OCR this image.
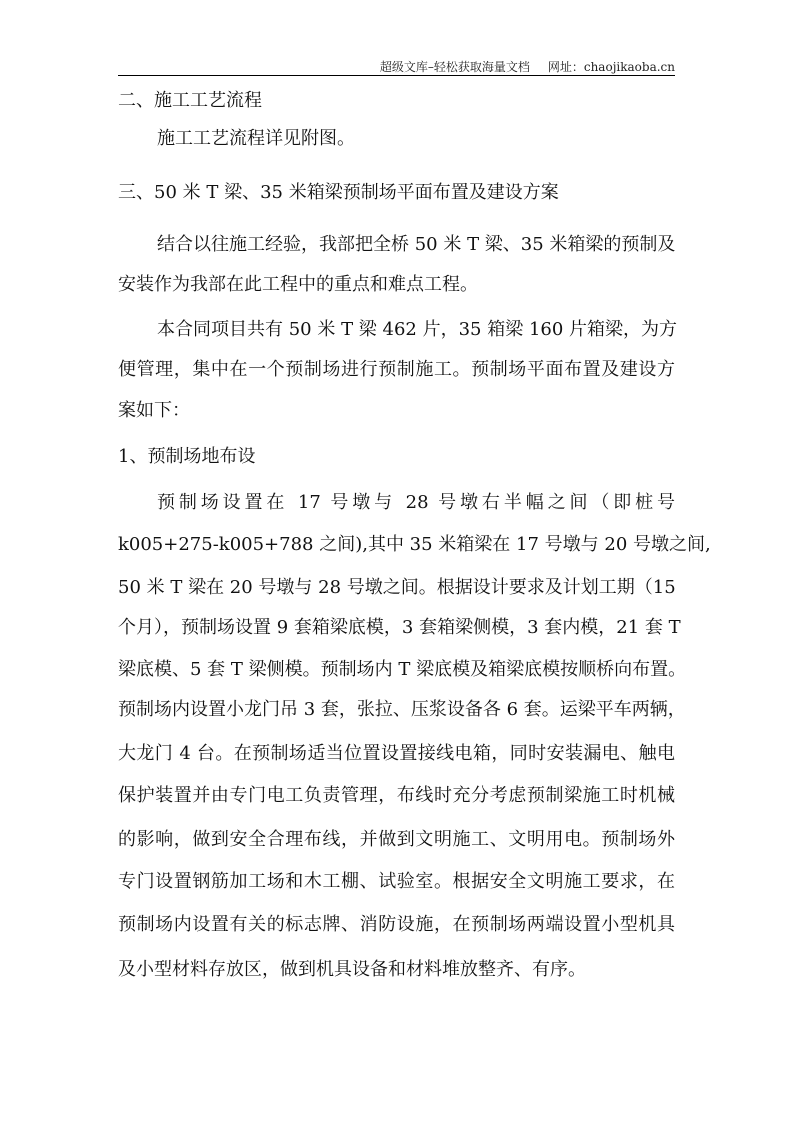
超级文库–轻松获取海量文档 网址：chaojikaoba.cn
二、施工工艺流程
施工工艺流程详见附图。
三、50 米 T 梁、35 米箱梁预制场平面布置及建设方案
结合以往施工经验，我部把全桥 50 米 T 梁、35 米箱梁的预制及
安装作为我部在此工程中的重点和难点工程。
本合同项目共有 50 米 T 梁 462 片，35 箱梁 160 片箱梁，为方
便管理，集中在一个预制场进行预制施工。预制场平面布置及建设方
案如下：
1、预制场地布设
预制场设置在 17 号墩与 28 号墩右半幅之间（即桩号
k005+275-k005+788 之间),其中 35 米箱梁在 17 号墩与 20 号墩之间,
50 米 T 梁在 20 号墩与 28 号墩之间。根据设计要求及计划工期（15
个月），预制场设置 9 套箱梁底模，3 套箱梁侧模，3 套内模，21 套 T
梁底模、5 套 T 梁侧模。预制场内 T 梁底模及箱梁底模按顺桥向布置。
预制场内设置小龙门吊 3 套，张拉、压浆设备各 6 套。运梁平车两辆，
大龙门 4 台。在预制场适当位置设置接线电箱，同时安装漏电、触电
保护装置并由专门电工负责管理，布线时充分考虑预制梁施工时机械
的影响，做到安全合理布线，并做到文明施工、文明用电。预制场外
专门设置钢筋加工场和木工棚、试验室。根据安全文明施工要求，在
预制场内设置有关的标志牌、消防设施，在预制场两端设置小型机具
及小型材料存放区，做到机具设备和材料堆放整齐、有序。
